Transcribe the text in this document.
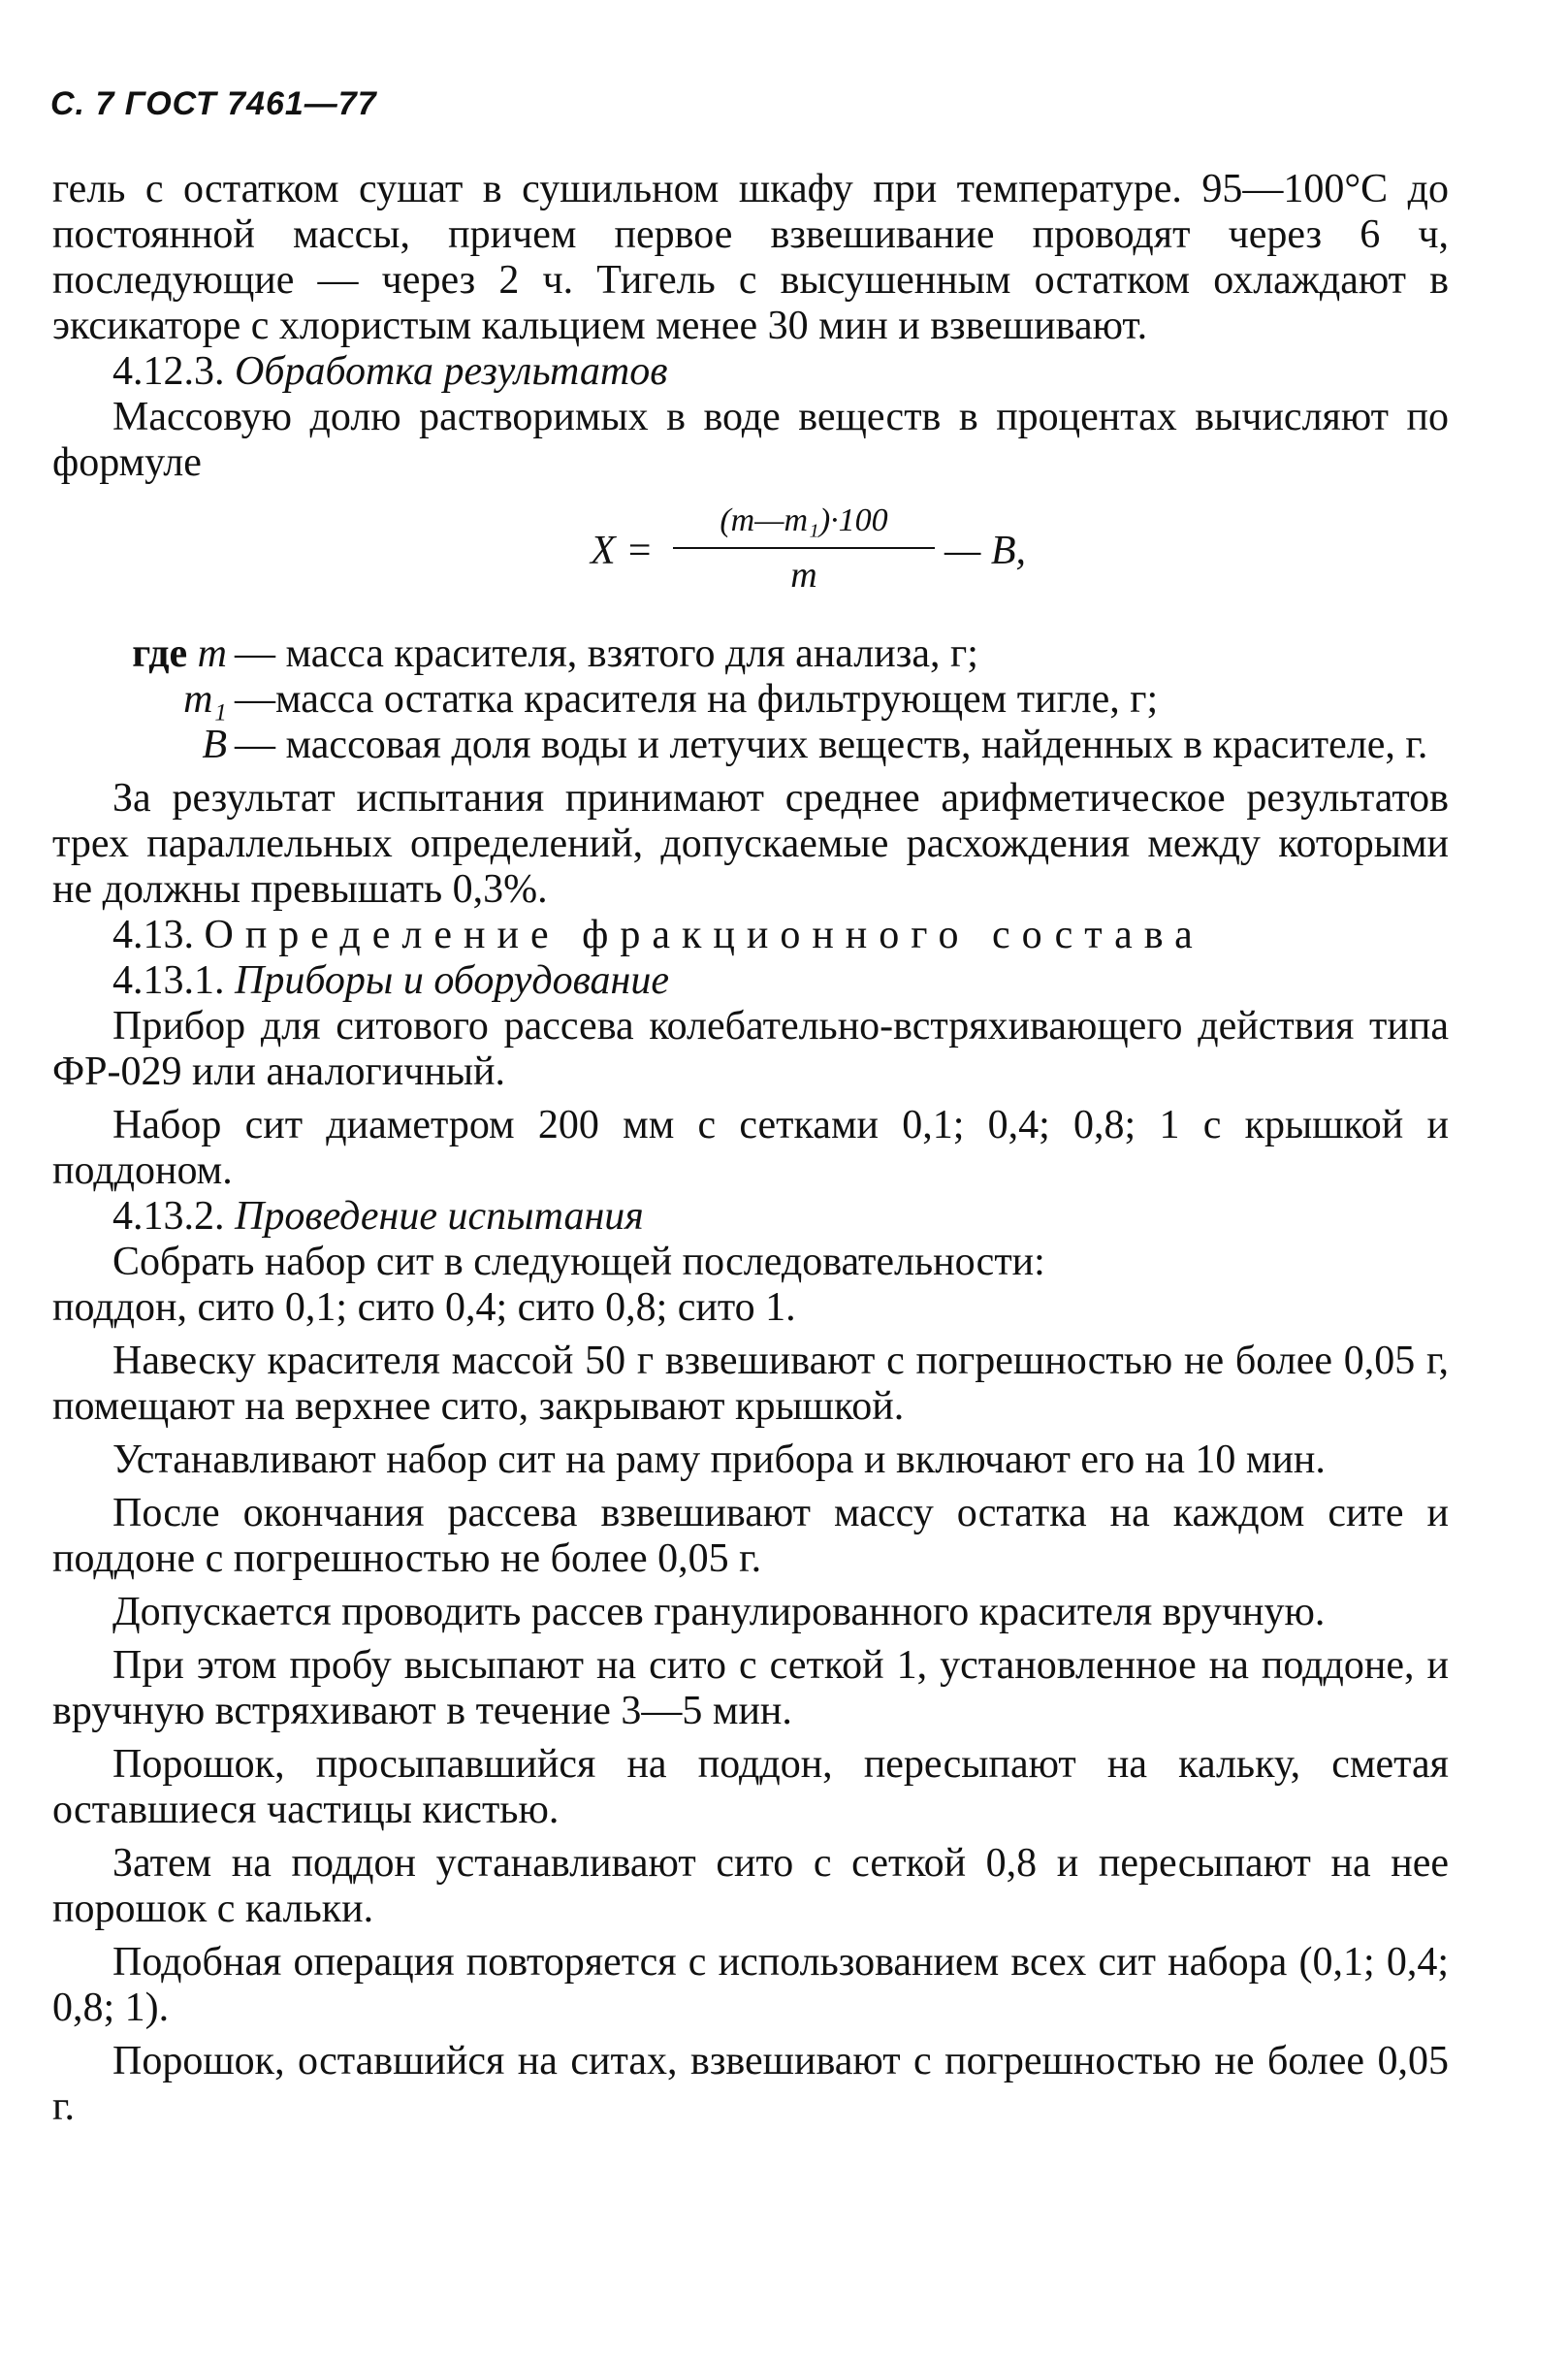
С. 7 ГОСТ 7461—77

гель с остатком сушат в сушильном шкафу при температуре. 95—100°С до постоянной массы, причем первое взвешивание проводят через 6 ч, последующие — через 2 ч. Тигель с высушенным остатком охлаждают в эксикаторе с хлористым кальцием менее 30 мин и взвешивают.

4.12.3. Обработка результатов

Массовую долю растворимых в воде веществ в процентах вычисляют по формуле

X =
(m—m₁)·100
m
— B,
где m — масса красителя, взятого для анализа, г;
m₁ —масса остатка красителя на фильтрующем тигле, г;
B — массовая доля воды и летучих веществ, найденных в красителе, г.

За результат испытания принимают среднее арифметическое результатов трех параллельных определений, допускаемые расхождения между которыми не должны превышать 0,3%.

4.13. Определение фракционного состава

4.13.1. Приборы и оборудование

Прибор для ситового рассева колебательно-встряхивающего действия типа ФР-029 или аналогичный.

Набор сит диаметром 200 мм с сетками 0,1; 0,4; 0,8; 1 с крышкой и поддоном.

4.13.2. Проведение испытания

Собрать набор сит в следующей последовательности:

поддон, сито 0,1; сито 0,4; сито 0,8; сито 1.

Навеску красителя массой 50 г взвешивают с погрешностью не более 0,05 г, помещают на верхнее сито, закрывают крышкой.

Устанавливают набор сит на раму прибора и включают его на 10 мин.

После окончания рассева взвешивают массу остатка на каждом сите и поддоне с погрешностью не более 0,05 г.

Допускается проводить рассев гранулированного красителя вручную.

При этом пробу высыпают на сито с сеткой 1, установленное на поддоне, и вручную встряхивают в течение 3—5 мин.

Порошок, просыпавшийся на поддон, пересыпают на кальку, сметая оставшиеся частицы кистью.

Затем на поддон устанавливают сито с сеткой 0,8 и пересыпают на нее порошок с кальки.

Подобная операция повторяется с использованием всех сит набора (0,1; 0,4; 0,8; 1).

Порошок, оставшийся на ситах, взвешивают с погрешностью не более 0,05 г.
